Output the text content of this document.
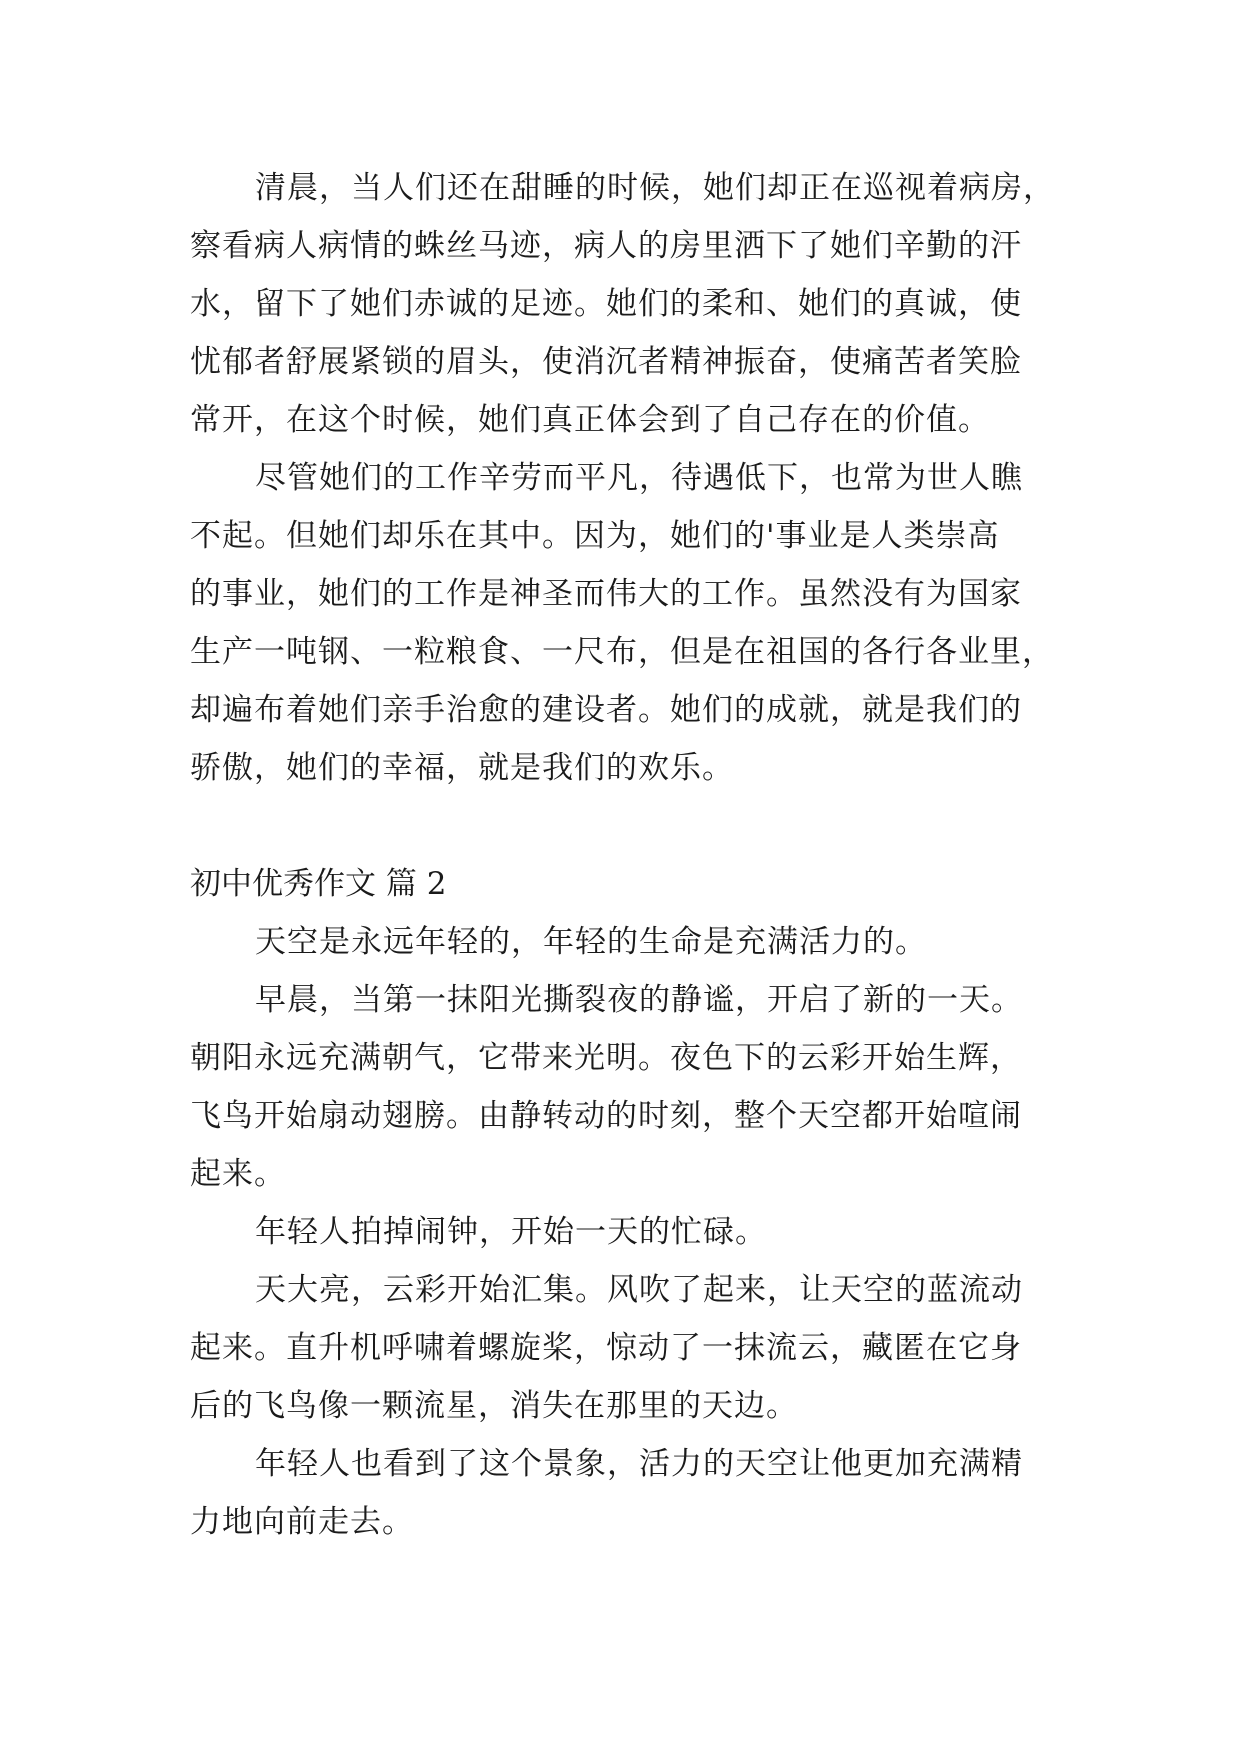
清晨，当人们还在甜睡的时候，她们却正在巡视着病房，
察看病人病情的蛛丝马迹，病人的房里洒下了她们辛勤的汗
水，留下了她们赤诚的足迹。她们的柔和、她们的真诚，使
忧郁者舒展紧锁的眉头，使消沉者精神振奋，使痛苦者笑脸
常开，在这个时候，她们真正体会到了自己存在的价值。
尽管她们的工作辛劳而平凡，待遇低下，也常为世人瞧
不起。但她们却乐在其中。因为，她们的'事业是人类崇高
的事业，她们的工作是神圣而伟大的工作。虽然没有为国家
生产一吨钢、一粒粮食、一尺布，但是在祖国的各行各业里，
却遍布着她们亲手治愈的建设者。她们的成就，就是我们的
骄傲，她们的幸福，就是我们的欢乐。
初中优秀作文 篇 2
天空是永远年轻的，年轻的生命是充满活力的。
早晨，当第一抹阳光撕裂夜的静谧，开启了新的一天。
朝阳永远充满朝气，它带来光明。夜色下的云彩开始生辉，
飞鸟开始扇动翅膀。由静转动的时刻，整个天空都开始喧闹
起来。
年轻人拍掉闹钟，开始一天的忙碌。
天大亮，云彩开始汇集。风吹了起来，让天空的蓝流动
起来。直升机呼啸着螺旋桨，惊动了一抹流云，藏匿在它身
后的飞鸟像一颗流星，消失在那里的天边。
年轻人也看到了这个景象，活力的天空让他更加充满精
力地向前走去。
